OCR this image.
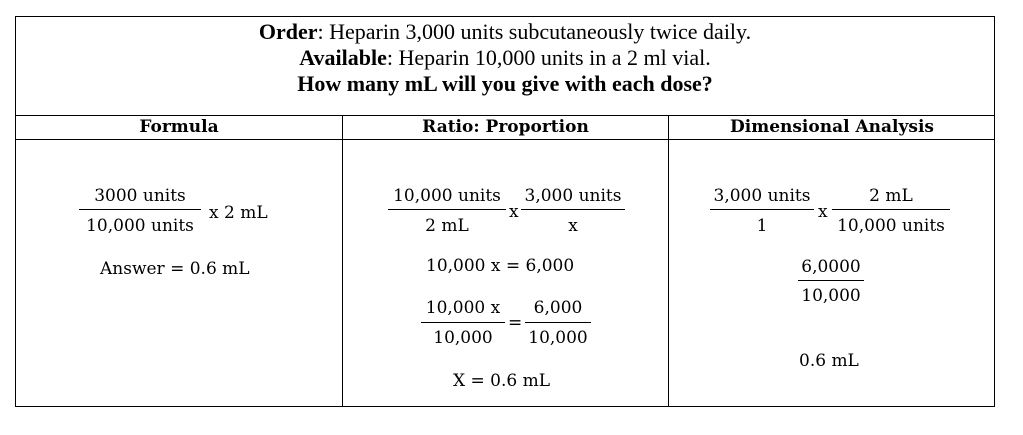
Order: Heparin 3,000 units subcutaneously twice daily.
Available: Heparin 10,000 units in a 2 ml vial.
How many mL will you give with each dose?
Formula	Ratio: Proportion	Dimensional Analysis
3000 units
10,000 units
x 2 mL
Answer = 0.6 mL
10,000 units
2 mL
x
3,000 units
x
10,000 x = 6,000
10,000 x
10,000
=
6,000
10,000
X = 0.6 mL
3,000 units
1
x
2 mL
10,000 units
6,0000
10,000
0.6 mL
